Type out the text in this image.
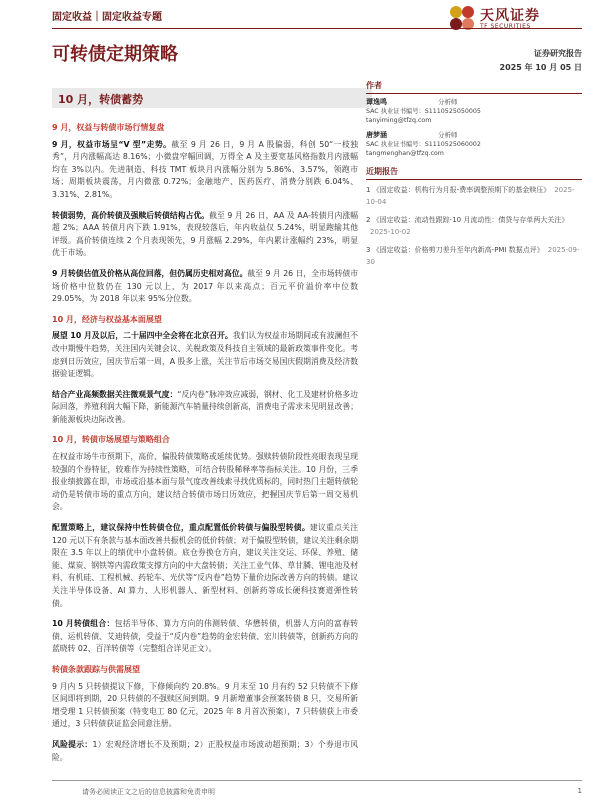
固定收益｜固定收益专题	天风证券
TF SECURITIES
可转债定期策略	证券研究报告
2025 年 10 月 05 日
10 月，转债蓄势
作者
谭逸鸣	分析师
SAC 执业证书编号：S1110525050005
tanyiming@tfzq.com
唐梦涵	分析师
SAC 执业证书编号：S1110525060002
tangmenghan@tfzq.com
近期报告
1 《固定收益：机构行为月报-费率调整预期下的基金赎压》 2025-10-04
2 《固定收益：流动性跟踪-10 月流动性：债贷与存单两大关注》2025-10-02
3 《固定收益：价格剪刀差升至年内新高-PMI 数据点评》 2025-09-30
9 月，权益与转债市场行情复盘

9 月，权益市场呈“V 型”走势。截至 9 月 26 日，9 月 A 股偏弱，科创 50“一枝独秀”，月内涨幅高达 8.16%；小微盘窄幅回调，万得全 A 及主要宽基风格指数月内涨幅均在 3%以内。先进制造、科技 TMT 板块月内涨幅分别为 5.86%、3.57%，领跑市场；周期板块震荡，月内微涨 0.72%；金融地产、医药医疗、消费分别跌 6.04%、3.31%、2.81%。

转债弱势，高价转债及强赎后转债结构占优。截至 9 月 26 日，AA 及 AA-转债月内涨幅超 2%；AAA 转债月内下跌 1.91%，表现较落后，年内收益仅 5.24%，明显跑输其他评级。高价转债连续 2 个月表现领先，9 月涨幅 2.29%，年内累计涨幅约 23%，明显优于市场。

9 月转债估值及价格从高位回落，但仍属历史相对高位。截至 9 月 26 日，全市场转债市场价格中位数仍在 130 元以上，为 2017 年以来高点；百元平价溢价率中位数 29.05%，为 2018 年以来 95%分位数。

10 月，经济与权益基本面展望

展望 10 月及以后，二十届四中全会将在北京召开。我们认为权益市场期间或有波澜但不改中期慢牛趋势，关注国内关键会议、关税政策及科技自主领域的最新政策事件变化。考虑到日历效应，国庆节后第一周，A 股多上涨，关注节后市场交易国庆假期消费及经济数据验证逻辑。

结合产业高频数据关注微观景气度：“反内卷”脉冲效应减弱，钢材、化工及建材价格多边际回落，养殖利润大幅下降，新能源汽车销量持续创新高，消费电子需求未见明显改善；新能源板块边际改善。

10 月，转债市场展望与策略组合

在权益市场牛市预期下，高价、偏股转债策略或延续优势。强赎转债阶段性亮眼表现呈现较强的个券特征，较难作为持续性策略，可结合转股稀释率等指标关注。10 月份，三季报业绩披露在即，市场或沿基本面与景气度改善线索寻找优质标的，同时热门主题转债轮动仍是转债市场的重点方向，建议结合转债市场日历效应，把握国庆节后第一周交易机会。

配置策略上，建议保持中性转债仓位，重点配置低价转债与偏股型转债。建议重点关注 120 元以下有条款与基本面改善共振机会的低价转债；对于偏股型转债，建议关注剩余期限在 3.5 年以上的绩优中小盘转债。底仓券换仓方向，建议关注交运、环保、养殖、储能、煤炭、钢铁等内需政策支撑方向的中大盘转债；关注工业气体、草甘膦、锂电池及材料、有机硅、工程机械、药轮车、光伏等“反内卷”趋势下量价边际改善方向的转债。建议关注半导体设备、AI 算力、人形机器人、新型材料、创新药等成长硬科技赛道弹性转债。

10 月转债组合：包括半导体、算力方向的伟测转债、华懋转债，机器人方向的富春转债、运机转债、艾迪转债，受益于“反内卷”趋势的金宏转债、宏川转债等，创新药方向的蓝晓转 02、百洋转债等（完整组合详见正文）。

转债条款跟踪与供需展望

9 月内 5 只转债提议下修，下修倾向约 20.8%。9 月末至 10 月有约 52 只转债不下修区间即将到期，20 只转债的不强赎区间到期。9 月新增董事会预案转债 8 只，交易所新增受理 1 只转债预案（特变电工 80 亿元，2025 年 8 月首次预案），7 只转债获上市委通过，3 只转债获证监会同意注册。

风险提示：1）宏观经济增长不及预期；2）正股权益市场波动超预期；3）个券退市风险。

请务必阅读正文之后的信息披露和免责申明	1
